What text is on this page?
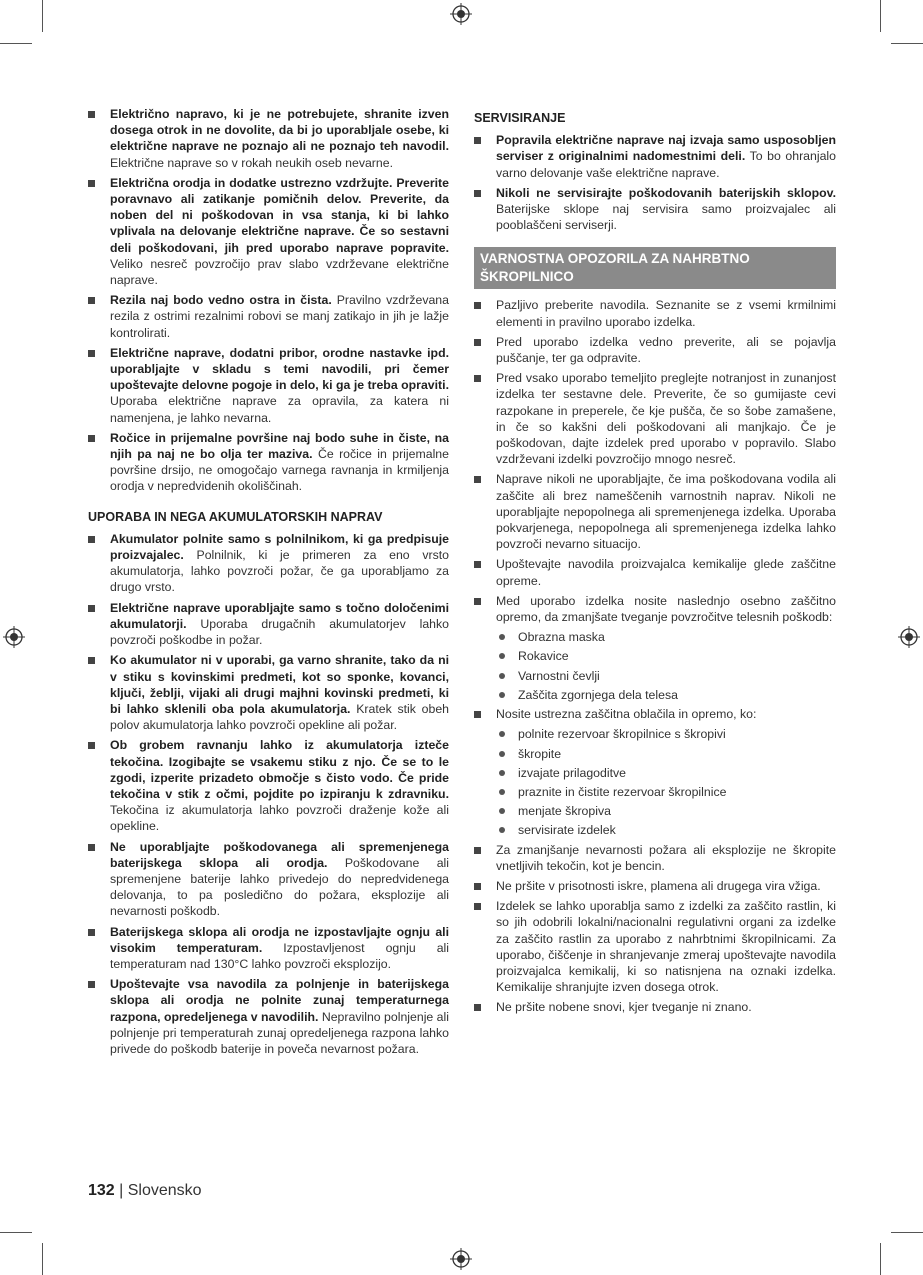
Električno napravo, ki je ne potrebujete, shranite izven dosega otrok in ne dovolite, da bi jo uporabljale osebe, ki električne naprave ne poznajo ali ne poznajo teh navodil. Električne naprave so v rokah neukih oseb nevarne.
Električna orodja in dodatke ustrezno vzdržujte. Preverite poravnavo ali zatikanje pomičnih delov. Preverite, da noben del ni poškodovan in vsa stanja, ki bi lahko vplivala na delovanje električne naprave. Če so sestavni deli poškodovani, jih pred uporabo naprave popravite. Veliko nesreč povzročijo prav slabo vzdrževane električne naprave.
Rezila naj bodo vedno ostra in čista. Pravilno vzdrževana rezila z ostrimi rezalnimi robovi se manj zatikajo in jih je lažje kontrolirati.
Električne naprave, dodatni pribor, orodne nastavke ipd. uporabljajte v skladu s temi navodili, pri čemer upoštevajte delovne pogoje in delo, ki ga je treba opraviti. Uporaba električne naprave za opravila, za katera ni namenjena, je lahko nevarna.
Ročice in prijemalne površine naj bodo suhe in čiste, na njih pa naj ne bo olja ter maziva. Če ročice in prijemalne površine drsijo, ne omogočajo varnega ravnanja in krmiljenja orodja v nepredvidenih okoliščinah.
UPORABA IN NEGA AKUMULATORSKIH NAPRAV
Akumulator polnite samo s polnilnikom, ki ga predpisuje proizvajalec. Polnilnik, ki je primeren za eno vrsto akumulatorja, lahko povzroči požar, če ga uporabljamo za drugo vrsto.
Električne naprave uporabljajte samo s točno določenimi akumulatorji. Uporaba drugačnih akumulatorjev lahko povzroči poškodbe in požar.
Ko akumulator ni v uporabi, ga varno shranite, tako da ni v stiku s kovinskimi predmeti, kot so sponke, kovanci, ključi, žeblji, vijaki ali drugi majhni kovinski predmeti, ki bi lahko sklenili oba pola akumulatorja. Kratek stik obeh polov akumulatorja lahko povzroči opekline ali požar.
Ob grobem ravnanju lahko iz akumulatorja izteče tekočina. Izogibajte se vsakemu stiku z njo. Če se to le zgodi, izperite prizadeto območje s čisto vodo. Če pride tekočina v stik z očmi, pojdite po izpiranju k zdravniku. Tekočina iz akumulatorja lahko povzroči draženje kože ali opekline.
Ne uporabljajte poškodovanega ali spremenjenega baterijskega sklopa ali orodja. Poškodovane ali spremenjene baterije lahko privedejo do nepredvidenega delovanja, to pa posledično do požara, eksplozije ali nevarnosti poškodb.
Baterijskega sklopa ali orodja ne izpostavljajte ognju ali visokim temperaturam. Izpostavljenost ognju ali temperaturam nad 130°C lahko povzroči eksplozijo.
Upoštevajte vsa navodila za polnjenje in baterijskega sklopa ali orodja ne polnite zunaj temperaturnega razpona, opredeljenega v navodilih. Nepravilno polnjenje ali polnjenje pri temperaturah zunaj opredeljenega razpona lahko privede do poškodb baterije in poveča nevarnost požara.
SERVISIRANJE
Popravila električne naprave naj izvaja samo usposobljen serviser z originalnimi nadomestnimi deli. To bo ohranjalo varno delovanje vaše električne naprave.
Nikoli ne servisirajte poškodovanih baterijskih sklopov. Baterijske sklope naj servisira samo proizvajalec ali pooblaščeni serviserji.
VARNOSTNA OPOZORILA ZA NAHRBTNO
ŠKROPILNICO
Pazljivo preberite navodila. Seznanite se z vsemi krmilnimi elementi in pravilno uporabo izdelka.
Pred uporabo izdelka vedno preverite, ali se pojavlja puščanje, ter ga odpravite.
Pred vsako uporabo temeljito preglejte notranjost in zunanjost izdelka ter sestavne dele. Preverite, če so gumijaste cevi razpokane in preperele, če kje pušča, če so šobe zamašene, in če so kakšni deli poškodovani ali manjkajo. Če je poškodovan, dajte izdelek pred uporabo v popravilo. Slabo vzdrževani izdelki povzročijo mnogo nesreč.
Naprave nikoli ne uporabljajte, če ima poškodovana vodila ali zaščite ali brez nameščenih varnostnih naprav. Nikoli ne uporabljajte nepopolnega ali spremenjenega izdelka. Uporaba pokvarjenega, nepopolnega ali spremenjenega izdelka lahko povzroči nevarno situacijo.
Upoštevajte navodila proizvajalca kemikalije glede zaščitne opreme.
Med uporabo izdelka nosite naslednjo osebno zaščitno opremo, da zmanjšate tveganje povzročitve telesnih poškodb:
Obrazna maska
Rokavice
Varnostni čevlji
Zaščita zgornjega dela telesa
Nosite ustrezna zaščitna oblačila in opremo, ko:
polnite rezervoar škropilnice s škropivi
škropite
izvajate prilagoditve
praznite in čistite rezervoar škropilnice
menjate škropiva
servisirate izdelek
Za zmanjšanje nevarnosti požara ali eksplozije ne škropite vnetljivih tekočin, kot je bencin.
Ne pršite v prisotnosti iskre, plamena ali drugega vira vžiga.
Izdelek se lahko uporablja samo z izdelki za zaščito rastlin, ki so jih odobrili lokalni/nacionalni regulativni organi za izdelke za zaščito rastlin za uporabo z nahrbtnimi škropilnicami. Za uporabo, čiščenje in shranjevanje zmeraj upoštevajte navodila proizvajalca kemikalij, ki so natisnjena na oznaki izdelka. Kemikalije shranjujte izven dosega otrok.
Ne pršite nobene snovi, kjer tveganje ni znano.
132 | Slovensko
